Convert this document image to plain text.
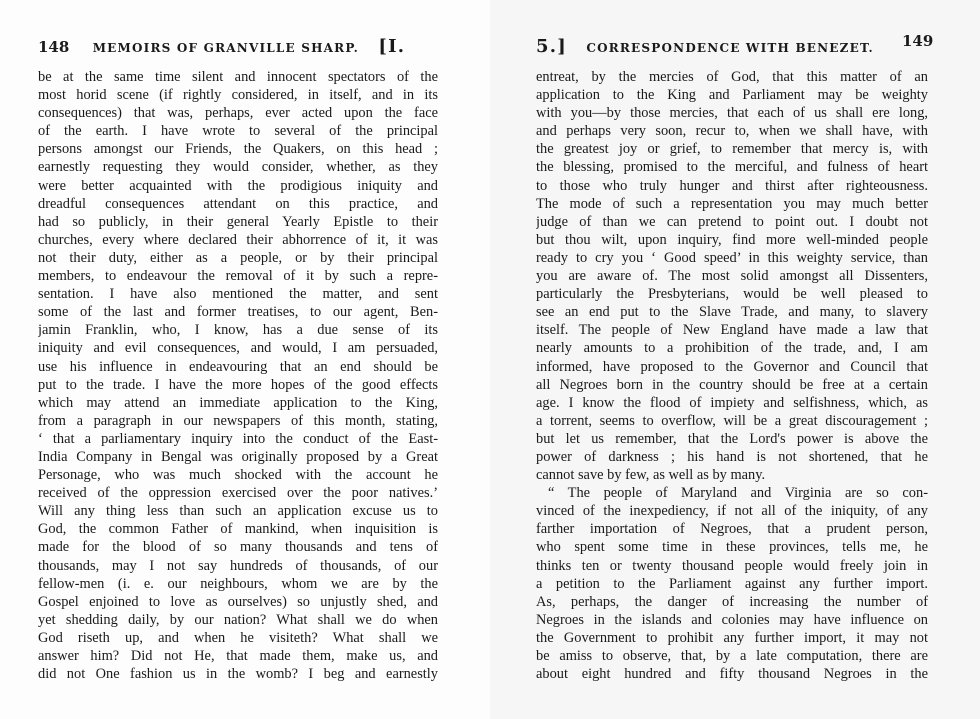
148 MEMOIRS OF GRANVILLE SHARP. [I.
be at the same time silent and innocent spectators of the
most horid scene (if rightly considered, in itself, and in its
consequences) that was, perhaps, ever acted upon the face
of the earth. I have wrote to several of the principal
persons amongst our Friends, the Quakers, on this head ;
earnestly requesting they would consider, whether, as they
were better acquainted with the prodigious iniquity and
dreadful consequences attendant on this practice, and
had so publicly, in their general Yearly Epistle to their
churches, every where declared their abhorrence of it, it was
not their duty, either as a people, or by their principal
members, to endeavour the removal of it by such a repre-
sentation. I have also mentioned the matter, and sent
some of the last and former treatises, to our agent, Ben-
jamin Franklin, who, I know, has a due sense of its
iniquity and evil consequences, and would, I am persuaded,
use his influence in endeavouring that an end should be
put to the trade. I have the more hopes of the good effects
which may attend an immediate application to the King,
from a paragraph in our newspapers of this month, stating,
‘ that a parliamentary inquiry into the conduct of the East-
India Company in Bengal was originally proposed by a Great
Personage, who was much shocked with the account he
received of the oppression exercised over the poor natives.’
Will any thing less than such an application excuse us to
God, the common Father of mankind, when inquisition is
made for the blood of so many thousands and tens of
thousands, may I not say hundreds of thousands, of our
fellow-men (i. e. our neighbours, whom we are by the
Gospel enjoined to love as ourselves) so unjustly shed, and
yet shedding daily, by our nation? What shall we do when
God riseth up, and when he visiteth? What shall we
answer him? Did not He, that made them, make us, and
did not One fashion us in the womb? I beg and earnestly
5.] CORRESPONDENCE WITH BENEZET. 149
entreat, by the mercies of God, that this matter of an
application to the King and Parliament may be weighty
with you—by those mercies, that each of us shall ere long,
and perhaps very soon, recur to, when we shall have, with
the greatest joy or grief, to remember that mercy is, with
the blessing, promised to the merciful, and fulness of heart
to those who truly hunger and thirst after righteousness.
The mode of such a representation you may much better
judge of than we can pretend to point out. I doubt not
but thou wilt, upon inquiry, find more well-minded people
ready to cry you ‘ Good speed’ in this weighty service, than
you are aware of. The most solid amongst all Dissenters,
particularly the Presbyterians, would be well pleased to
see an end put to the Slave Trade, and many, to slavery
itself. The people of New England have made a law that
nearly amounts to a prohibition of the trade, and, I am
informed, have proposed to the Governor and Council that
all Negroes born in the country should be free at a certain
age. I know the flood of impiety and selfishness, which, as
a torrent, seems to overflow, will be a great discouragement ;
but let us remember, that the Lord's power is above the
power of darkness ; his hand is not shortened, that he
cannot save by few, as well as by many.
“ The people of Maryland and Virginia are so con-
vinced of the inexpediency, if not all of the iniquity, of any
farther importation of Negroes, that a prudent person,
who spent some time in these provinces, tells me, he
thinks ten or twenty thousand people would freely join in
a petition to the Parliament against any further import.
As, perhaps, the danger of increasing the number of
Negroes in the islands and colonies may have influence on
the Government to prohibit any further import, it may not
be amiss to observe, that, by a late computation, there are
about eight hundred and fifty thousand Negroes in the
